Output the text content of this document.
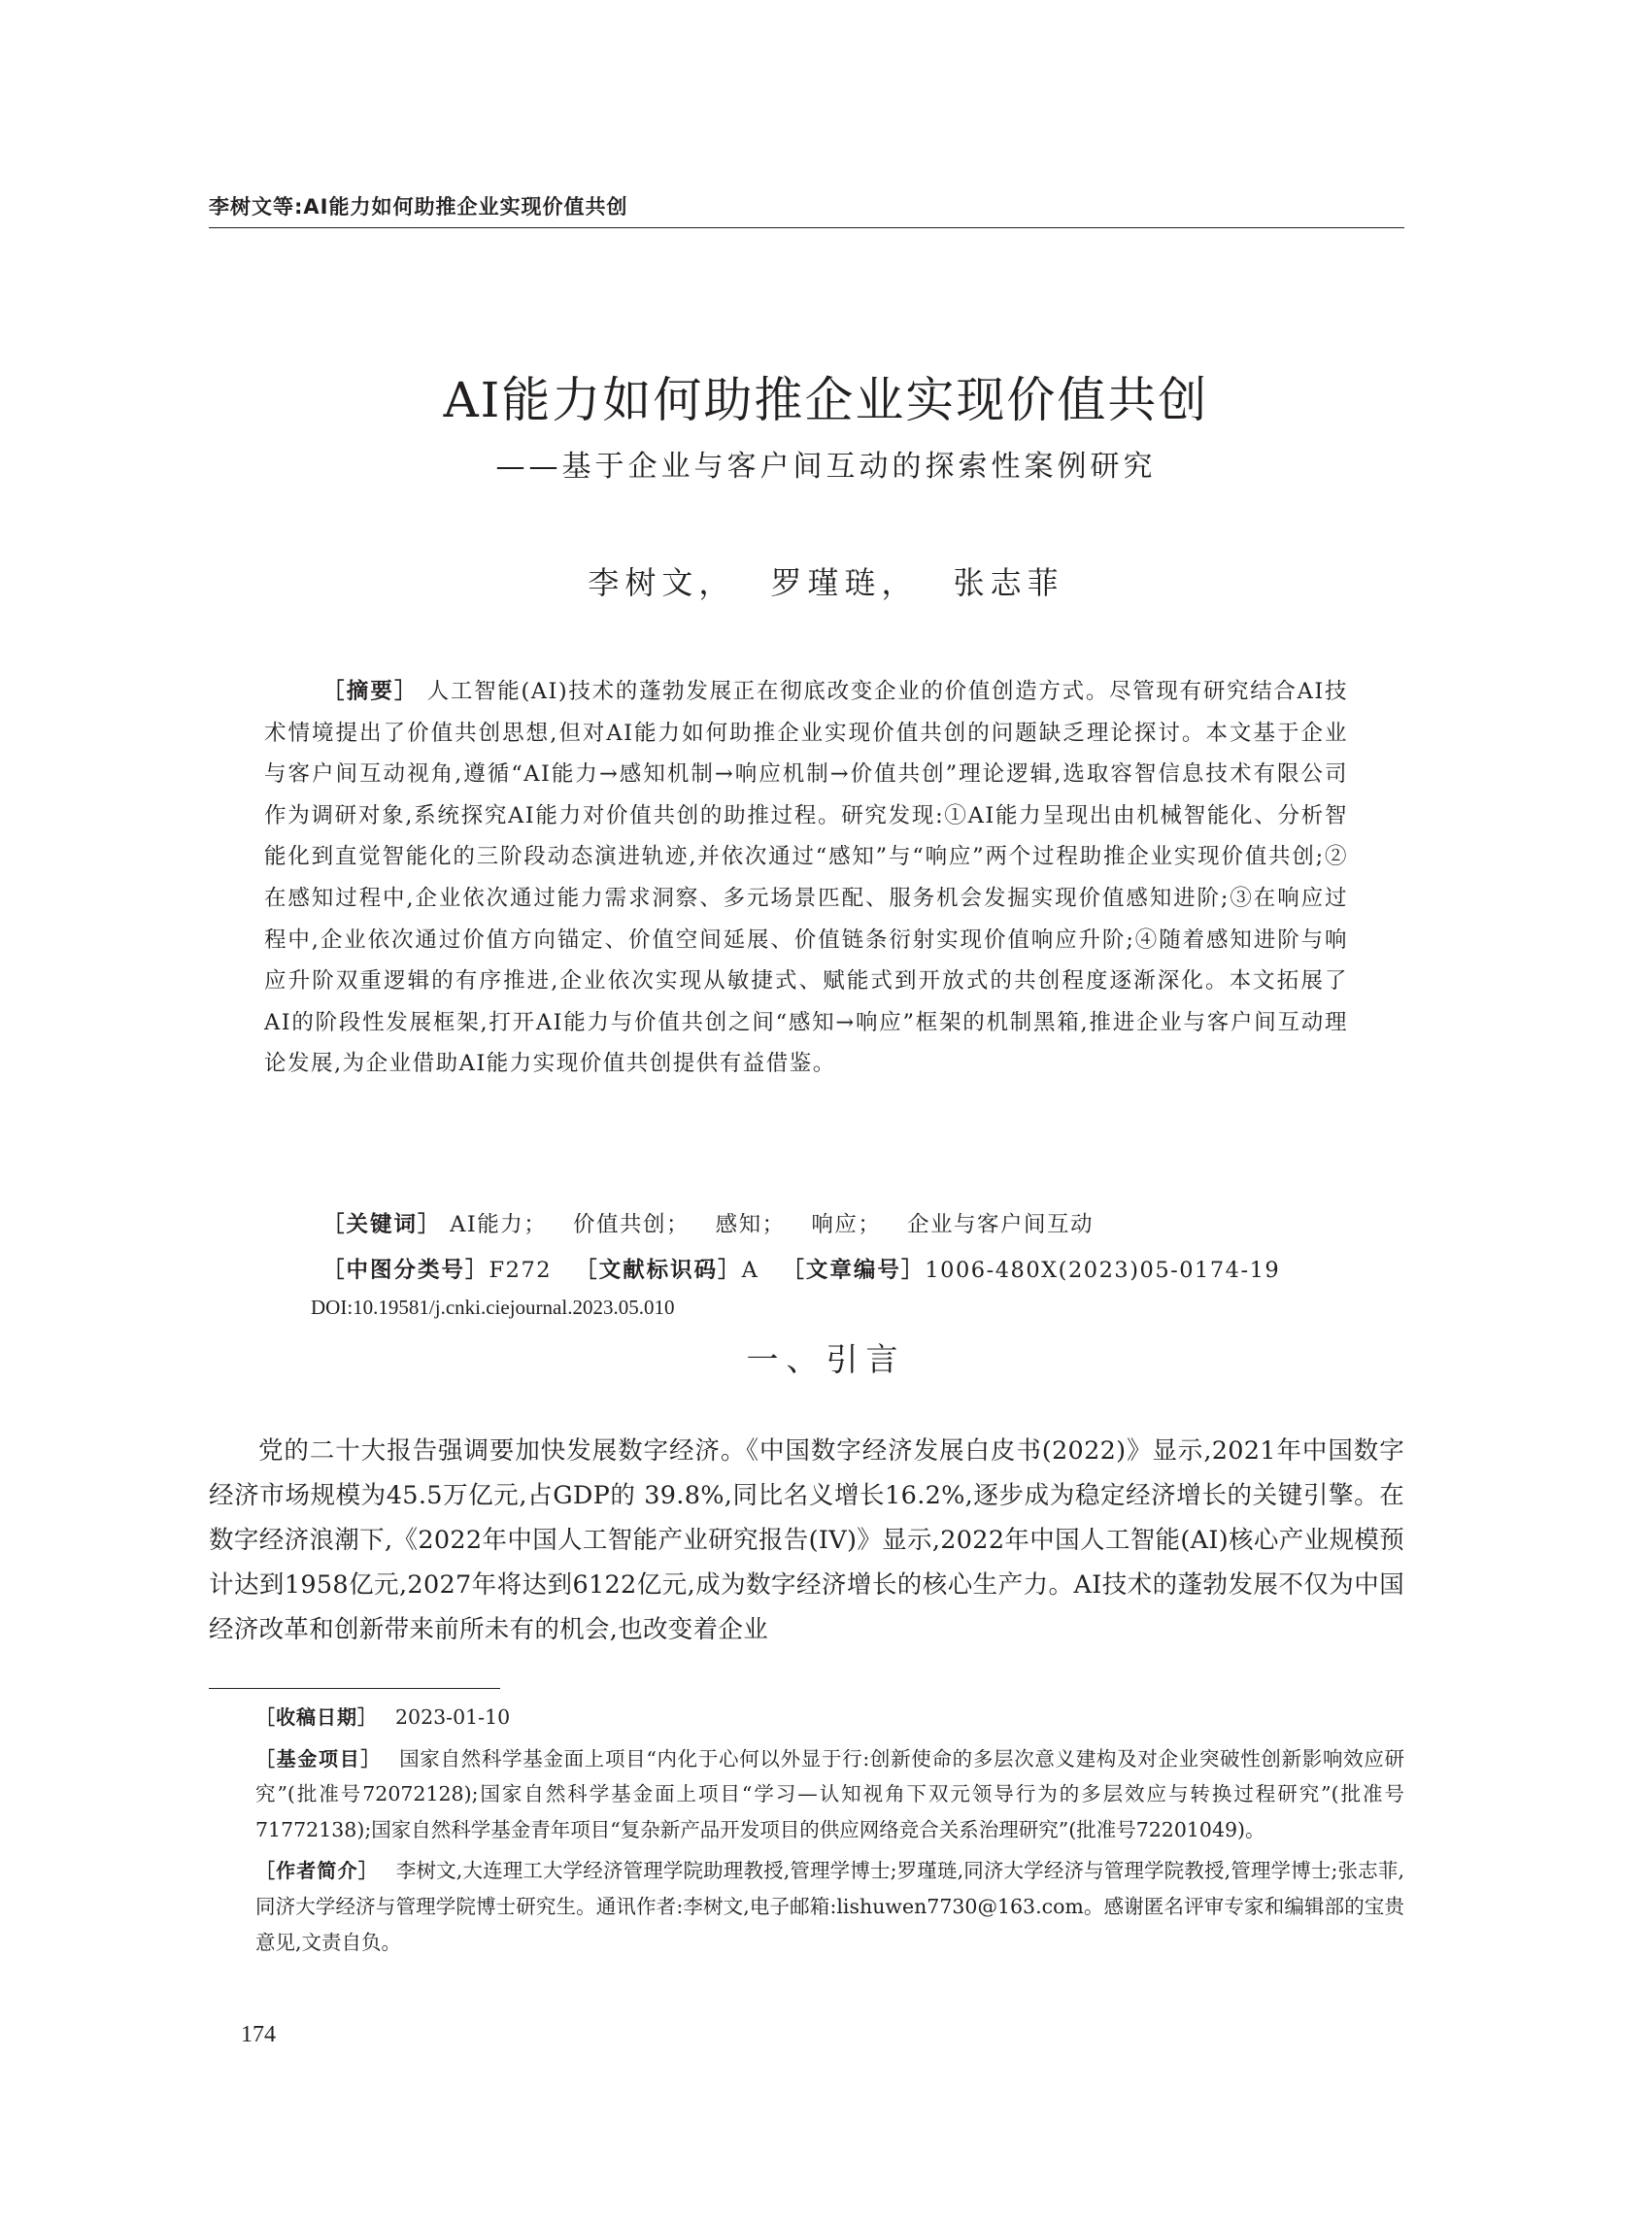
李树文等:AI能力如何助推企业实现价值共创
AI能力如何助推企业实现价值共创
——基于企业与客户间互动的探索性案例研究
李树文， 罗瑾琏， 张志菲
［摘要］ 人工智能(AI)技术的蓬勃发展正在彻底改变企业的价值创造方式。尽管现有研究结合AI技术情境提出了价值共创思想,但对AI能力如何助推企业实现价值共创的问题缺乏理论探讨。本文基于企业与客户间互动视角,遵循“AI能力→感知机制→响应机制→价值共创”理论逻辑,选取容智信息技术有限公司作为调研对象,系统探究AI能力对价值共创的助推过程。研究发现:①AI能力呈现出由机械智能化、分析智能化到直觉智能化的三阶段动态演进轨迹,并依次通过“感知”与“响应”两个过程助推企业实现价值共创;②在感知过程中,企业依次通过能力需求洞察、多元场景匹配、服务机会发掘实现价值感知进阶;③在响应过程中,企业依次通过价值方向锚定、价值空间延展、价值链条衍射实现价值响应升阶;④随着感知进阶与响应升阶双重逻辑的有序推进,企业依次实现从敏捷式、赋能式到开放式的共创程度逐渐深化。本文拓展了AI的阶段性发展框架,打开AI能力与价值共创之间“感知→响应”框架的机制黑箱,推进企业与客户间互动理论发展,为企业借助AI能力实现价值共创提供有益借鉴。
［关键词］ AI能力； 价值共创； 感知； 响应； 企业与客户间互动
［中图分类号］F272 ［文献标识码］A ［文章编号］1006-480X(2023)05-0174-19
DOI:10.19581/j.cnki.ciejournal.2023.05.010
一、引言
党的二十大报告强调要加快发展数字经济。《中国数字经济发展白皮书(2022)》显示,2021年中国数字经济市场规模为45.5万亿元,占GDP的 39.8%,同比名义增长16.2%,逐步成为稳定经济增长的关键引擎。在数字经济浪潮下,《2022年中国人工智能产业研究报告(IV)》显示,2022年中国人工智能(AI)核心产业规模预计达到1958亿元,2027年将达到6122亿元,成为数字经济增长的核心生产力。AI技术的蓬勃发展不仅为中国经济改革和创新带来前所未有的机会,也改变着企业

［收稿日期］ 2023-01-10

［基金项目］ 国家自然科学基金面上项目“内化于心何以外显于行:创新使命的多层次意义建构及对企业突破性创新影响效应研究”(批准号72072128);国家自然科学基金面上项目“学习—认知视角下双元领导行为的多层效应与转换过程研究”(批准号71772138);国家自然科学基金青年项目“复杂新产品开发项目的供应网络竞合关系治理研究”(批准号72201049)。

［作者简介］ 李树文,大连理工大学经济管理学院助理教授,管理学博士;罗瑾琏,同济大学经济与管理学院教授,管理学博士;张志菲,同济大学经济与管理学院博士研究生。通讯作者:李树文,电子邮箱:lishuwen7730@163.com。感谢匿名评审专家和编辑部的宝贵意见,文责自负。

174
